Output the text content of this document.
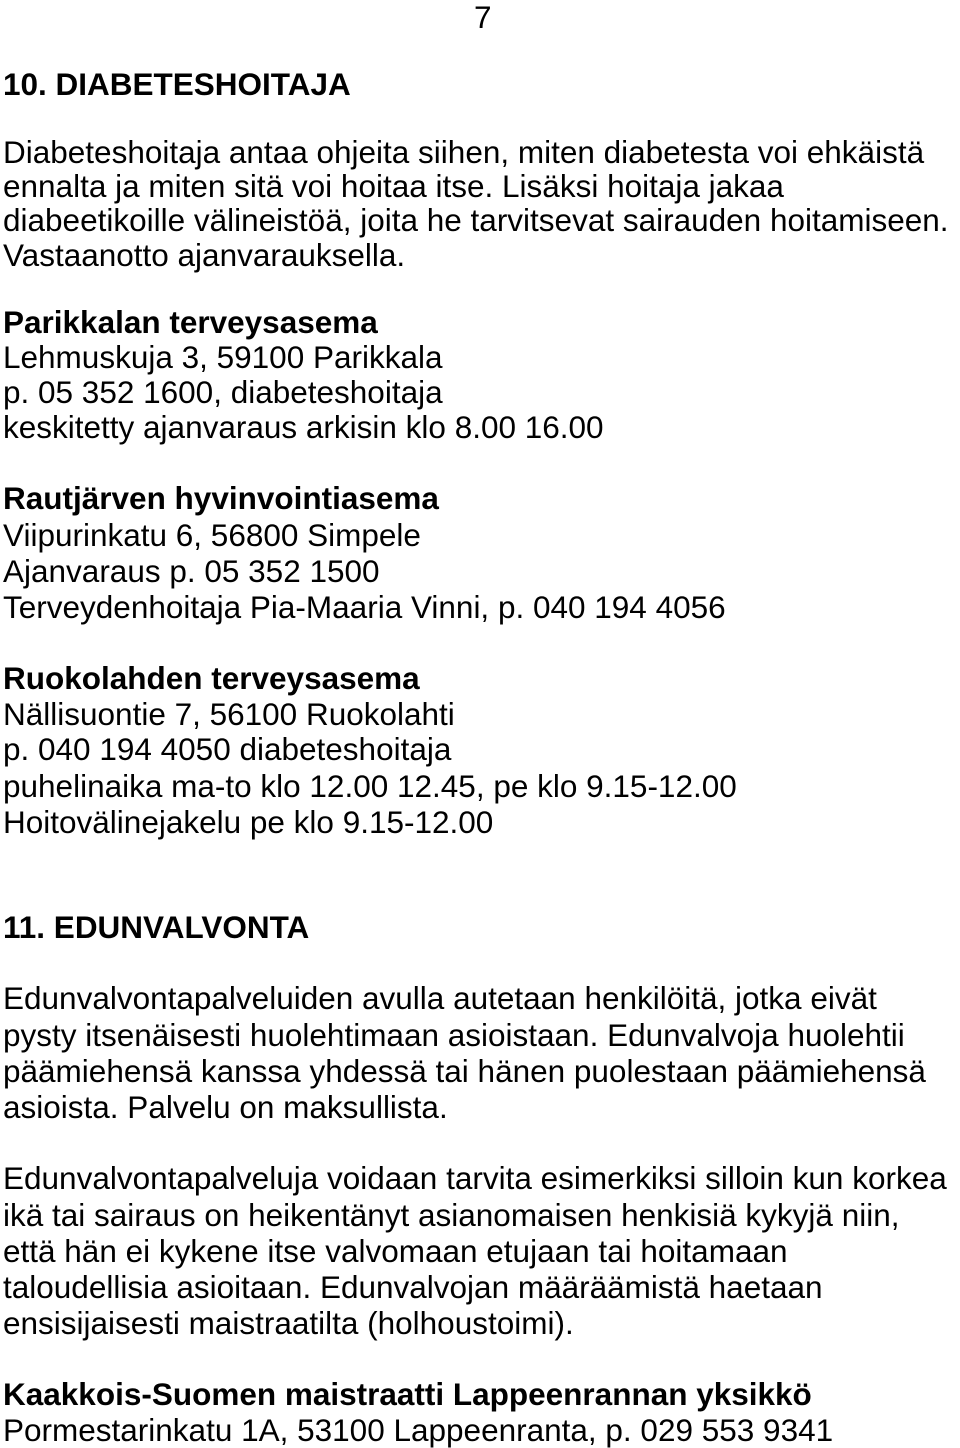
7
10. DIABETESHOITAJA
Diabeteshoitaja antaa ohjeita siihen, miten diabetesta voi ehkäistä
ennalta ja miten sitä voi hoitaa itse. Lisäksi hoitaja jakaa
diabeetikoille välineistöä, joita he tarvitsevat sairauden hoitamiseen.
Vastaanotto ajanvarauksella.
Parikkalan terveysasema
Lehmuskuja 3, 59100 Parikkala
p. 05 352 1600, diabeteshoitaja
keskitetty ajanvaraus arkisin klo 8.00 16.00
Rautjärven hyvinvointiasema
Viipurinkatu 6, 56800 Simpele
Ajanvaraus p. 05 352 1500
Terveydenhoitaja Pia-Maaria Vinni, p. 040 194 4056
Ruokolahden terveysasema
Nällisuontie 7, 56100 Ruokolahti
p. 040 194 4050 diabeteshoitaja
puhelinaika ma-to klo 12.00 12.45, pe klo 9.15-12.00
Hoitovälinejakelu pe klo 9.15-12.00
11. EDUNVALVONTA
Edunvalvontapalveluiden avulla autetaan henkilöitä, jotka eivät
pysty itsenäisesti huolehtimaan asioistaan. Edunvalvoja huolehtii
päämiehensä kanssa yhdessä tai hänen puolestaan päämiehensä
asioista. Palvelu on maksullista.
Edunvalvontapalveluja voidaan tarvita esimerkiksi silloin kun korkea
ikä tai sairaus on heikentänyt asianomaisen henkisiä kykyjä niin,
että hän ei kykene itse valvomaan etujaan tai hoitamaan
taloudellisia asioitaan. Edunvalvojan määräämistä haetaan
ensisijaisesti maistraatilta (holhoustoimi).
Kaakkois-Suomen maistraatti Lappeenrannan yksikkö
Pormestarinkatu 1A, 53100 Lappeenranta, p. 029 553 9341
